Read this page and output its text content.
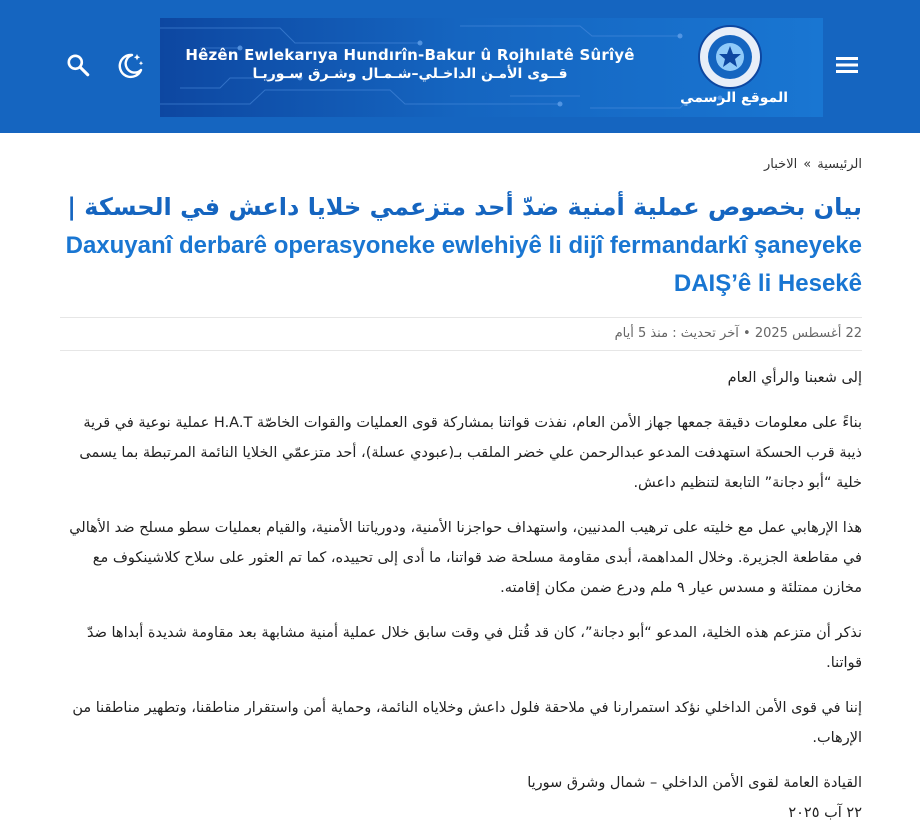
Hêzên Ewlekarıya Hundırîn-Bakur û Rojhılatê Sûrîyê
قــوى الأمـن الداخـلي–شـمـال وشـرق سـوريـا
الموقع الرسمي
الرئيسية»الاخبار
بيان بخصوص عملية أمنية ضدّ أحد متزعمي خلايا داعش في الحسكة |
Daxuyanî derbarê operasyoneke ewlehiyê li dijî fermandarkî şaneyeke DAIŞ’ê li Hesekê
22 أغسطس 2025 • آخر تحديث : منذ 5 أيام

إلى شعبنا والرأي العام

بناءً على معلومات دقيقة جمعها جهاز الأمن العام، نفذت قواتنا بمشاركة قوى العمليات والقوات الخاصّة H.A.T عملية نوعية في قرية ذيبة قرب الحسكة استهدفت المدعو عبدالرحمن علي خضر الملقب بـ(عبودي عسلة)، أحد متزعمّي الخلايا النائمة المرتبطة بما يسمى خلية “أبو دجانة” التابعة لتنظيم داعش.

هذا الإرهابي عمل مع خليته على ترهيب المدنيين، واستهداف حواجزنا الأمنية، ودورياتنا الأمنية، والقيام بعمليات سطو مسلح ضد الأهالي في مقاطعة الجزيرة. وخلال المداهمة، أبدى مقاومة مسلحة ضد قواتنا، ما أدى إلى تحييده، كما تم العثور على سلاح كلاشينكوف مع مخازن ممتلئة و مسدس عيار ٩ ملم ودرع ضمن مكان إقامته.

نذكر أن متزعم هذه الخلية، المدعو “أبو دجانة”، كان قد قُتل في وقت سابق خلال عملية أمنية مشابهة بعد مقاومة شديدة أبداها ضدّ قواتنا.

إننا في قوى الأمن الداخلي نؤكد استمرارنا في ملاحقة فلول داعش وخلاياه النائمة، وحماية أمن واستقرار مناطقنا، وتطهير مناطقنا من الإرهاب.

القيادة العامة لقوى الأمن الداخلي – شمال وشرق سوريا

٢٢ آب ٢٠٢٥
